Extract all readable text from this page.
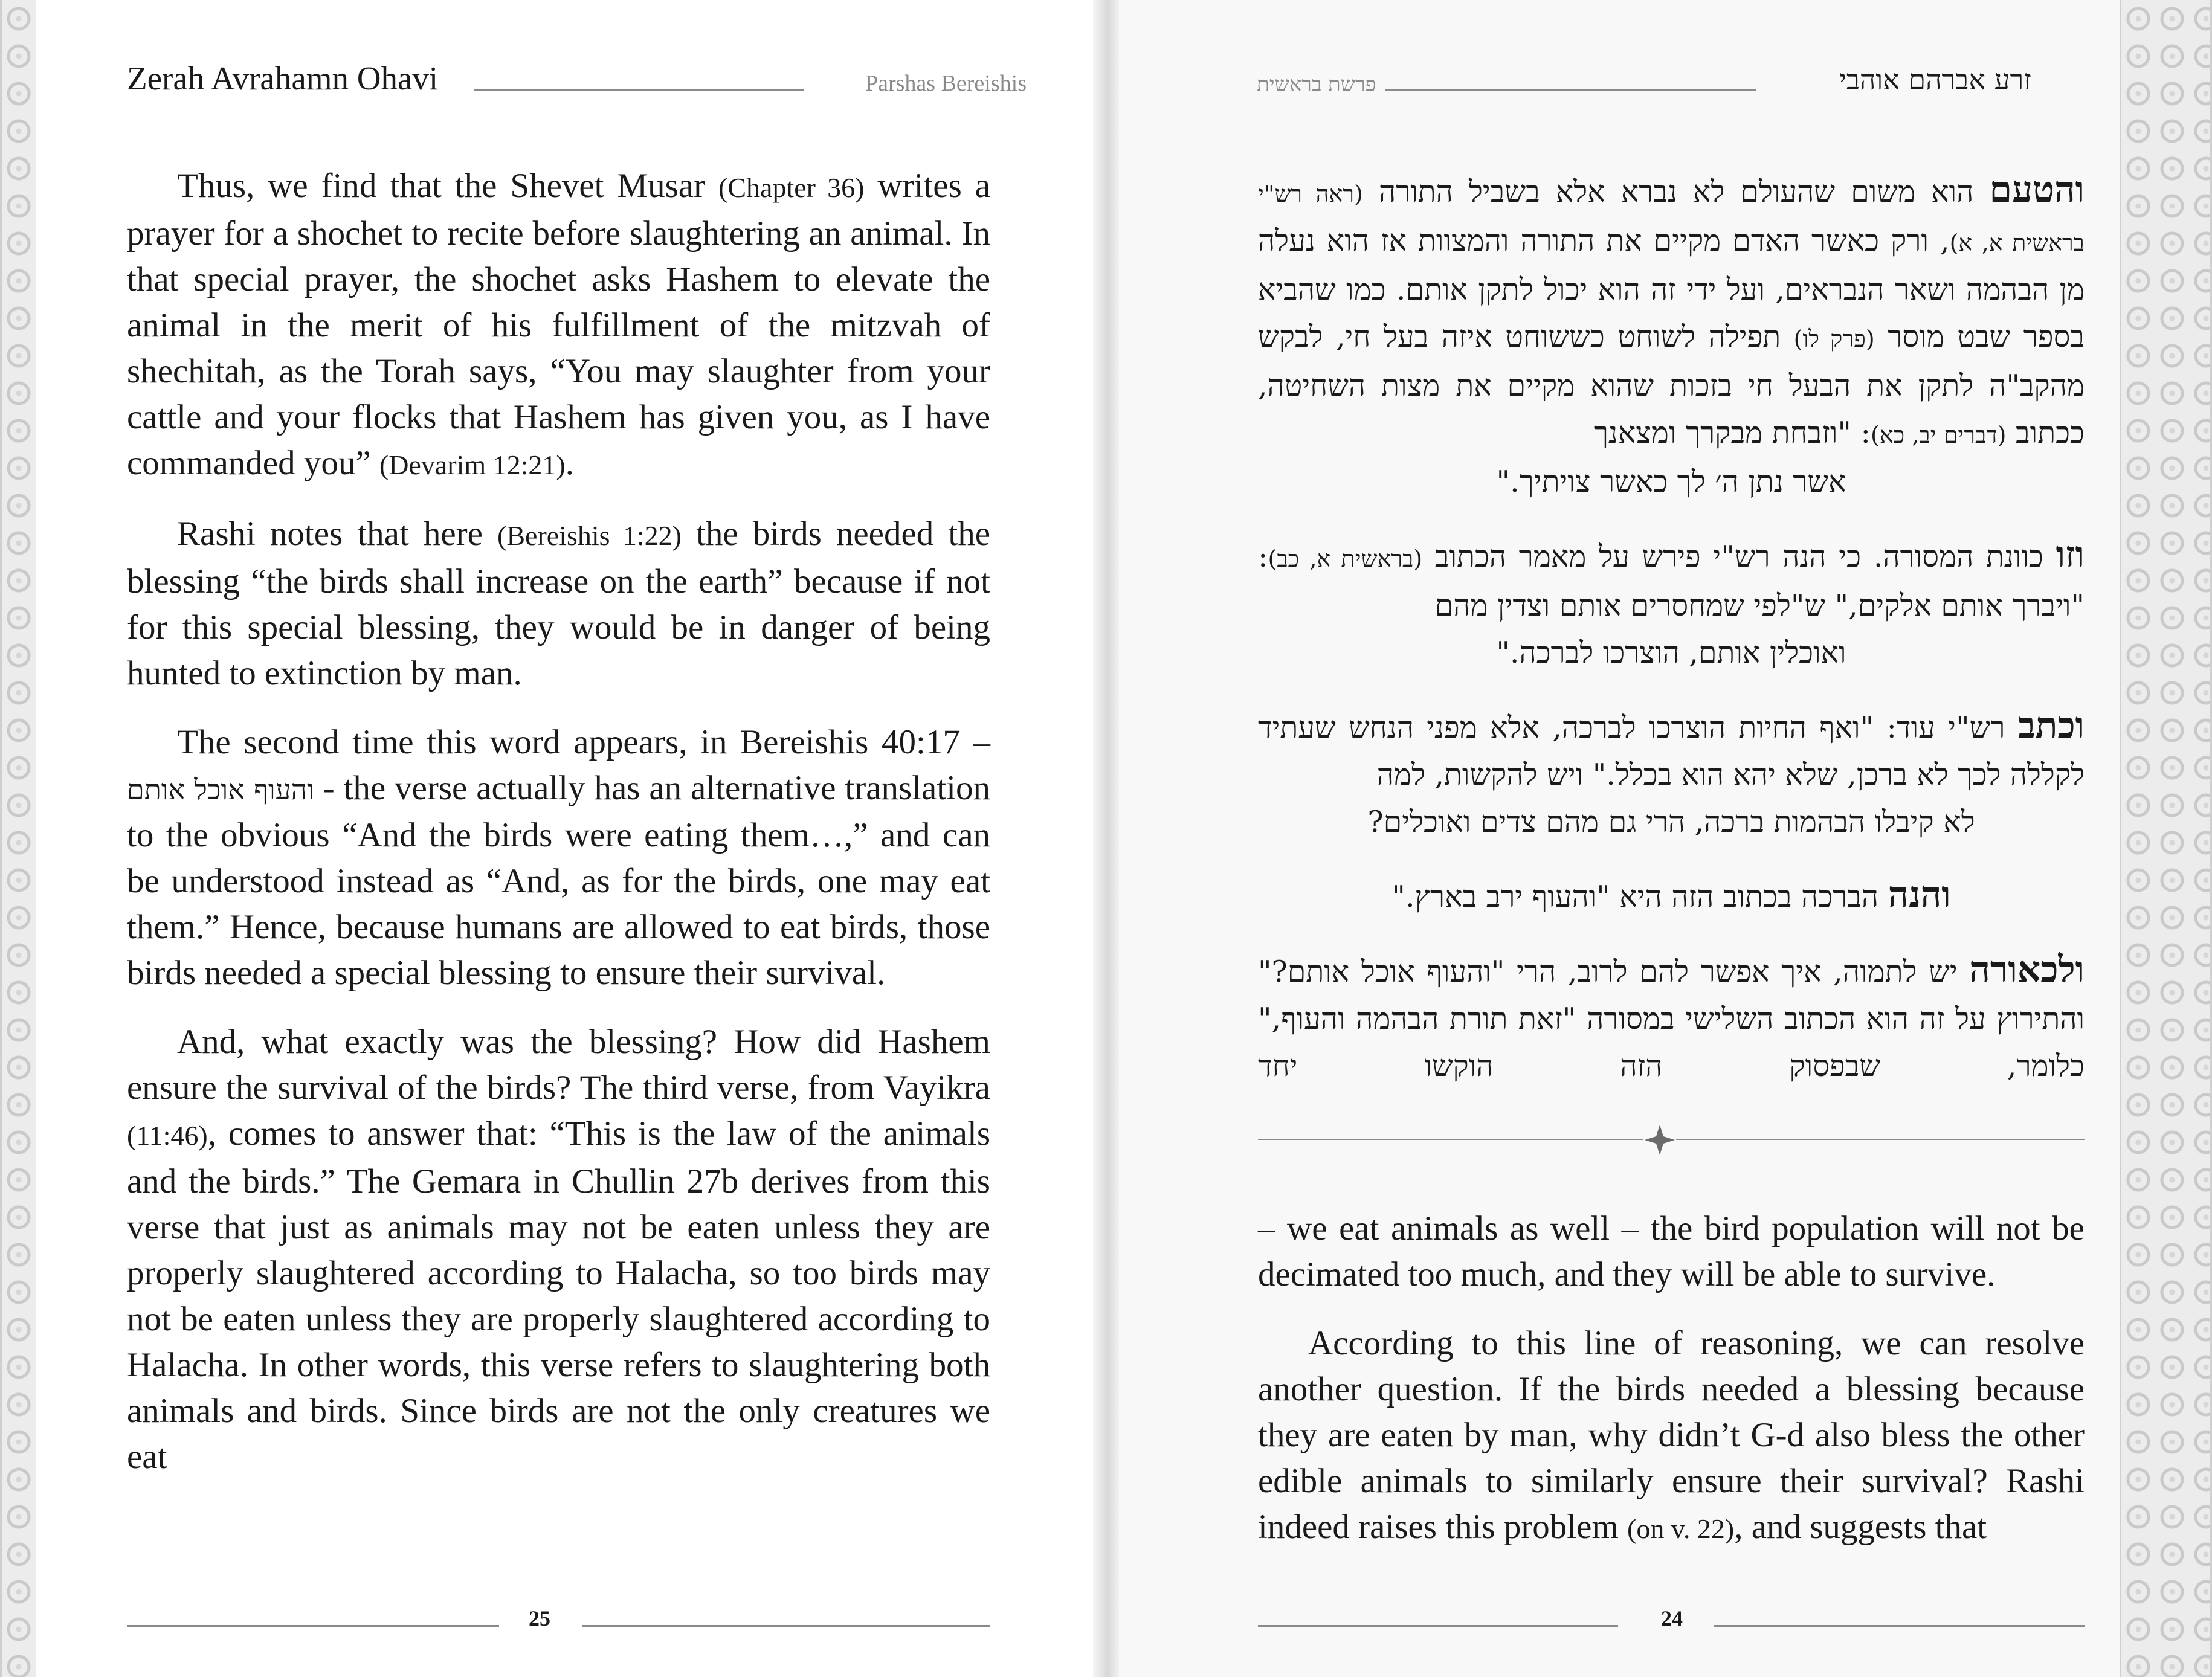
Zerah Avrahamn Ohavi	Parshas Bereishis

Thus, we find that the Shevet Musar (Chapter 36) writes a prayer for a shochet to recite before slaughtering an animal. In that special prayer, the shochet asks Hashem to elevate the animal in the merit of his fulfillment of the mitzvah of shechitah, as the Torah says, “You may slaughter from your cattle and your flocks that Hashem has given you, as I have commanded you” (Devarim 12:21).

Rashi notes that here (Bereishis 1:22) the birds needed the blessing “the birds shall increase on the earth” because if not for this special blessing, they would be in danger of being hunted to extinction by man.

The second time this word appears, in Bereishis 40:17 – והעוף אוכל אותם - the verse actually has an alternative translation to the obvious “And the birds were eating them…,” and can be understood instead as “And, as for the birds, one may eat them.” Hence, because humans are allowed to eat birds, those birds needed a special blessing to ensure their survival.

And, what exactly was the blessing? How did Hashem ensure the survival of the birds? The third verse, from Vayikra (11:46), comes to answer that: “This is the law of the animals and the birds.” The Gemara in Chullin 27b derives from this verse that just as animals may not be eaten unless they are properly slaughtered according to Halacha, so too birds may not be eaten unless they are properly slaughtered according to Halacha. In other words, this verse refers to slaughtering both animals and birds. Since birds are not the only creatures we eat

25
פרשת בראשית	זרע אברהם אוהבי

והטעם הוא משום שהעולם לא נברא אלא בשביל התורה (ראה רש"י בראשית א, א), ורק כאשר האדם מקיים את התורה והמצוות אז הוא נעלה מן הבהמה ושאר הנבראים, ועל ידי זה הוא יכול לתקן אותם. כמו שהביא בספר שבט מוסר (פרק לו) תפילה לשוחט כששוחט איזה בעל חי, לבקש מהקב"ה לתקן את הבעל חי בזכות שהוא מקיים את מצות השחיטה, ככתוב (דברים יב, כא): "וזבחת מבקרך ומצאנך
אשר נתן ה׳ לך כאשר צויתיך."

וזו כוונת המסורה. כי הנה רש"י פירש על מאמר הכתוב (בראשית א, כב): "ויברך אותם אלקים," ש"לפי שמחסרים אותם וצדין מהם
ואוכלין אותם, הוצרכו לברכה."

וכתב רש"י עוד: "ואף החיות הוצרכו לברכה, אלא מפני הנחש שעתיד לקללה לכך לא ברכן, שלא יהא הוא בכלל." ויש להקשות, למה
לא קיבלו הבהמות ברכה, הרי גם מהם צדים ואוכלים?

והנה הברכה בכתוב הזה היא "והעוף ירב בארץ."

ולכאורה יש לתמוה, איך אפשר להם לרוב, הרי "והעוף אוכל אותם?" והתירוץ על זה הוא הכתוב השלישי במסורה "זאת תורת הבהמה והעוף," כלומר, שבפסוק הזה הוקשו יחד

– we eat animals as well – the bird population will not be decimated too much, and they will be able to survive.

According to this line of reasoning, we can resolve another question. If the birds needed a blessing because they are eaten by man, why didn’t G-d also bless the other edible animals to similarly ensure their survival? Rashi indeed raises this problem (on v. 22), and suggests that

24
